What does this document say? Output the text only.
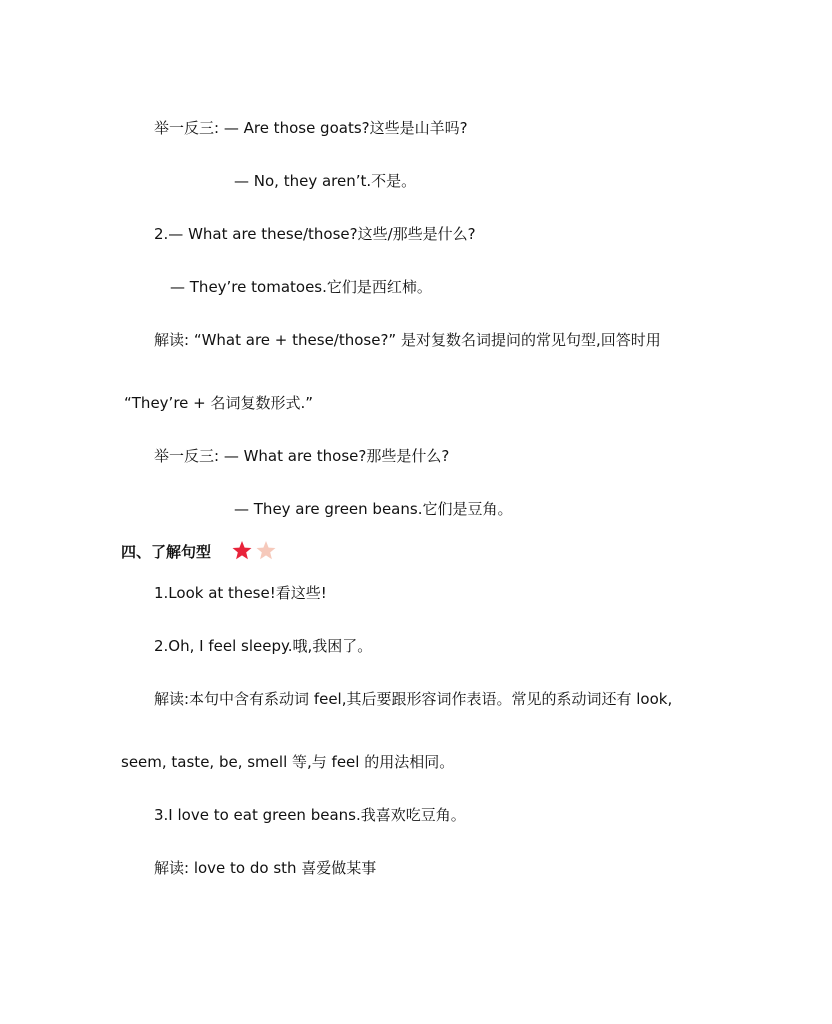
举一反三: — Are those goats?这些是山羊吗?
— No, they aren’t.不是。
2.— What are these/those?这些/那些是什么?
— They’re tomatoes.它们是西红柿。
解读: “What are + these/those?” 是对复数名词提问的常见句型,回答时用
“They’re + 名词复数形式.”
举一反三: — What are those?那些是什么?
— They are green beans.它们是豆角。
四、了解句型
1.Look at these!看这些!
2.Oh, I feel sleepy.哦,我困了。
解读:本句中含有系动词 feel,其后要跟形容词作表语。常见的系动词还有 look,
seem, taste, be, smell 等,与 feel 的用法相同。
3.I love to eat green beans.我喜欢吃豆角。
解读: love to do sth 喜爱做某事
